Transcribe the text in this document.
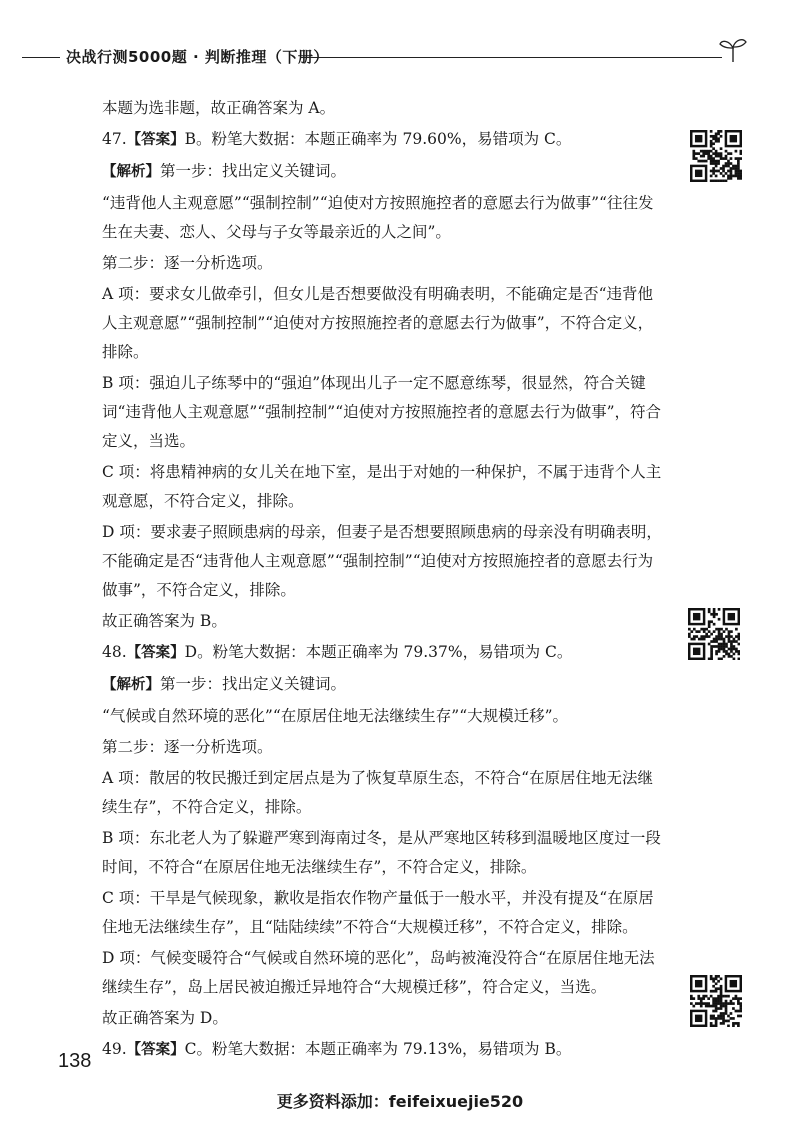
决战行测5000题 · 判断推理（下册）

本题为选非题，故正确答案为 A。

47.【答案】B。粉笔大数据：本题正确率为 79.60%，易错项为 C。

【解析】第一步：找出定义关键词。

“违背他人主观意愿”“强制控制”“迫使对方按照施控者的意愿去行为做事”“往往发生在夫妻、恋人、父母与子女等最亲近的人之间”。

第二步：逐一分析选项。

A 项：要求女儿做牵引，但女儿是否想要做没有明确表明，不能确定是否“违背他人主观意愿”“强制控制”“迫使对方按照施控者的意愿去行为做事”，不符合定义，排除。

B 项：强迫儿子练琴中的“强迫”体现出儿子一定不愿意练琴，很显然，符合关键词“违背他人主观意愿”“强制控制”“迫使对方按照施控者的意愿去行为做事”，符合定义，当选。

C 项：将患精神病的女儿关在地下室，是出于对她的一种保护，不属于违背个人主观意愿，不符合定义，排除。

D 项：要求妻子照顾患病的母亲，但妻子是否想要照顾患病的母亲没有明确表明，不能确定是否“违背他人主观意愿”“强制控制”“迫使对方按照施控者的意愿去行为做事”，不符合定义，排除。

故正确答案为 B。

48.【答案】D。粉笔大数据：本题正确率为 79.37%，易错项为 C。

【解析】第一步：找出定义关键词。

“气候或自然环境的恶化”“在原居住地无法继续生存”“大规模迁移”。

第二步：逐一分析选项。

A 项：散居的牧民搬迁到定居点是为了恢复草原生态，不符合“在原居住地无法继续生存”，不符合定义，排除。

B 项：东北老人为了躲避严寒到海南过冬，是从严寒地区转移到温暖地区度过一段时间，不符合“在原居住地无法继续生存”，不符合定义，排除。

C 项：干旱是气候现象，歉收是指农作物产量低于一般水平，并没有提及“在原居住地无法继续生存”，且“陆陆续续”不符合“大规模迁移”，不符合定义，排除。

D 项：气候变暖符合“气候或自然环境的恶化”，岛屿被淹没符合“在原居住地无法继续生存”，岛上居民被迫搬迁异地符合“大规模迁移”，符合定义，当选。

故正确答案为 D。

49.【答案】C。粉笔大数据：本题正确率为 79.13%，易错项为 B。

138
更多资料添加：feifeixuejie520
